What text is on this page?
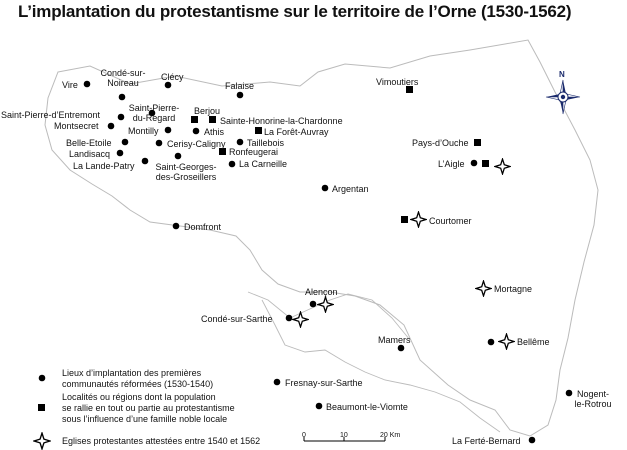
L’implantation du protestantisme sur le territoire de l’Orne (1530-1562)
N
Vire
Condé-sur-
Noireau
Clécy
Falaise	Vimoutiers
Saint-Pierre-d’Entremont
Montsecret
Saint-Pierre-
du-Regard
Berjou
Sainte-Honorine-la-Chardonne
Montilly	Athis	La Forêt-Auvray
Belle-Etoile	Cerisy-Caligny Taillebois
Landisacq	Ronfeugerai
La Lande-Patry	Saint-Georges-
des-Groseillers
La Carneille
Pays-d’Ouche
L’Aigle
Argentan
Domfront
Courtomer
Alençon	Mortagne
Condé-sur-Sarthe
Mamers	Bellême
Fresnay-sur-Sarthe
Nogent-
le-Rotrou
Beaumont-le-Viomte
La Ferté-Bernard
Lieux d’implantation des premières
communautés réformées (1530-1540)
Localités ou régions dont la population
se rallie en tout ou partie au protestantisme
sous l’influence d’une famille noble locale
Eglises protestantes attestées entre 1540 et 1562
0	10	20 Km
